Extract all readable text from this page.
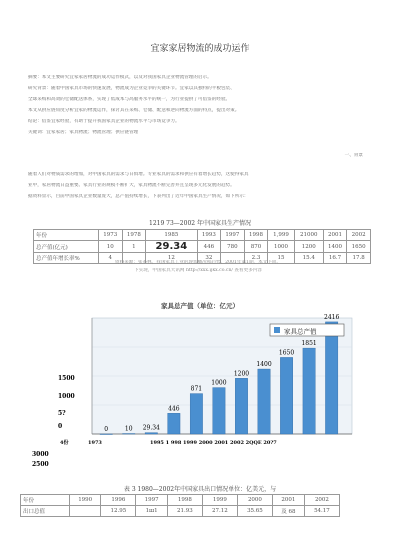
宜家家居物流的成功运作
摘要：本文主要研究宜家家居物流的成功运作模式，以及对我国家具企业物流管理的启示。
研究背景：随着中国家具市场的快速发展，物流成为企业竞争的关键环节。宜家以其独特的平板包装、
全球采购和高效的仓储配送体系，实现了低成本与高服务水平的统一，为行业提供了可借鉴的经验。
本文从供应链角度分析宜家的物流运作，探讨其在采购、仓储、配送和逆向物流方面的特点，提出对策。
结论：借鉴宜家经验，有助于提升我国家具企业的物流水平与市场竞争力。
关键词：宜家家居；家具物流；物流管理；供应链管理
一、背景
随着人们对物质需求的增加，对中国家具的需求与日俱增。专业家具的需求和供应有着增长趋势，这使得家具
业中，家居物流日益重要。家具行业的规模不断扩大，家具物流不断完善并且呈现多元化发展的趋势。
据资料显示，目前中国家具企业数量庞大，总产值持续增长，下表列出了近年中国家具生产情况，如下所示：
1219 73—2002 年中国家具生产情况
年份	1973	1978	1985	1993	1997	1998	1,999	21000	2001	2002
总产值(亿元)	10	1	29.34	446	780	870	1000	1200	1400	1650
总产值年增长率%	4		12	32		2.3	15	15.4	16.7	17.8
资料来源：张茶林，我国家具工业的现状概况和趋势，2001年第1期，本文下同。
下实现，中国家具大讯网 http://xxx.ijkx.co.cn/ 查看更多内容
家具总产值（单位：亿元）
0	10 29.34
446
871
1000
1200
1400
1650
1851
2416
家具总产值
1500
1000
5?
0
4份	1973	1995 1 998 1999 2000 2001 2002 2QQE 20?7
3000
2500
表 3 1980—2002年中国家具出口情况单位：亿美元，与
年份	1990	1996	1997	1998	1999	2000	2001	2002
出口总值		12.95	1ш1	21.93	27.12	35.65	及 68	54.17
